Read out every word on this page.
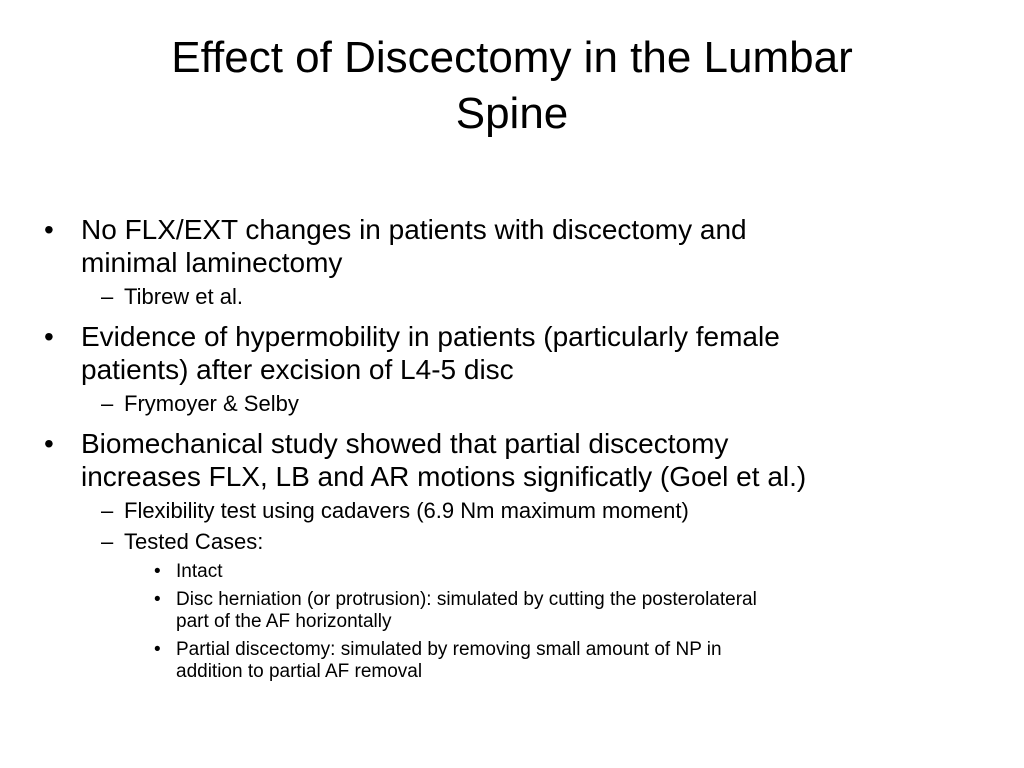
Effect of Discectomy in the Lumbar
Spine
• No FLX/EXT changes in patients with discectomy and
minimal laminectomy
– Tibrew et al.
• Evidence of hypermobility in patients (particularly female
patients) after excision of L4-5 disc
– Frymoyer & Selby
• Biomechanical study showed that partial discectomy
increases FLX, LB and AR motions significatly (Goel et al.)
– Flexibility test using cadavers (6.9 Nm maximum moment)
– Tested Cases:
• Intact
• Disc herniation (or protrusion): simulated by cutting the posterolateral
part of the AF horizontally
• Partial discectomy: simulated by removing small amount of NP in
addition to partial AF removal
